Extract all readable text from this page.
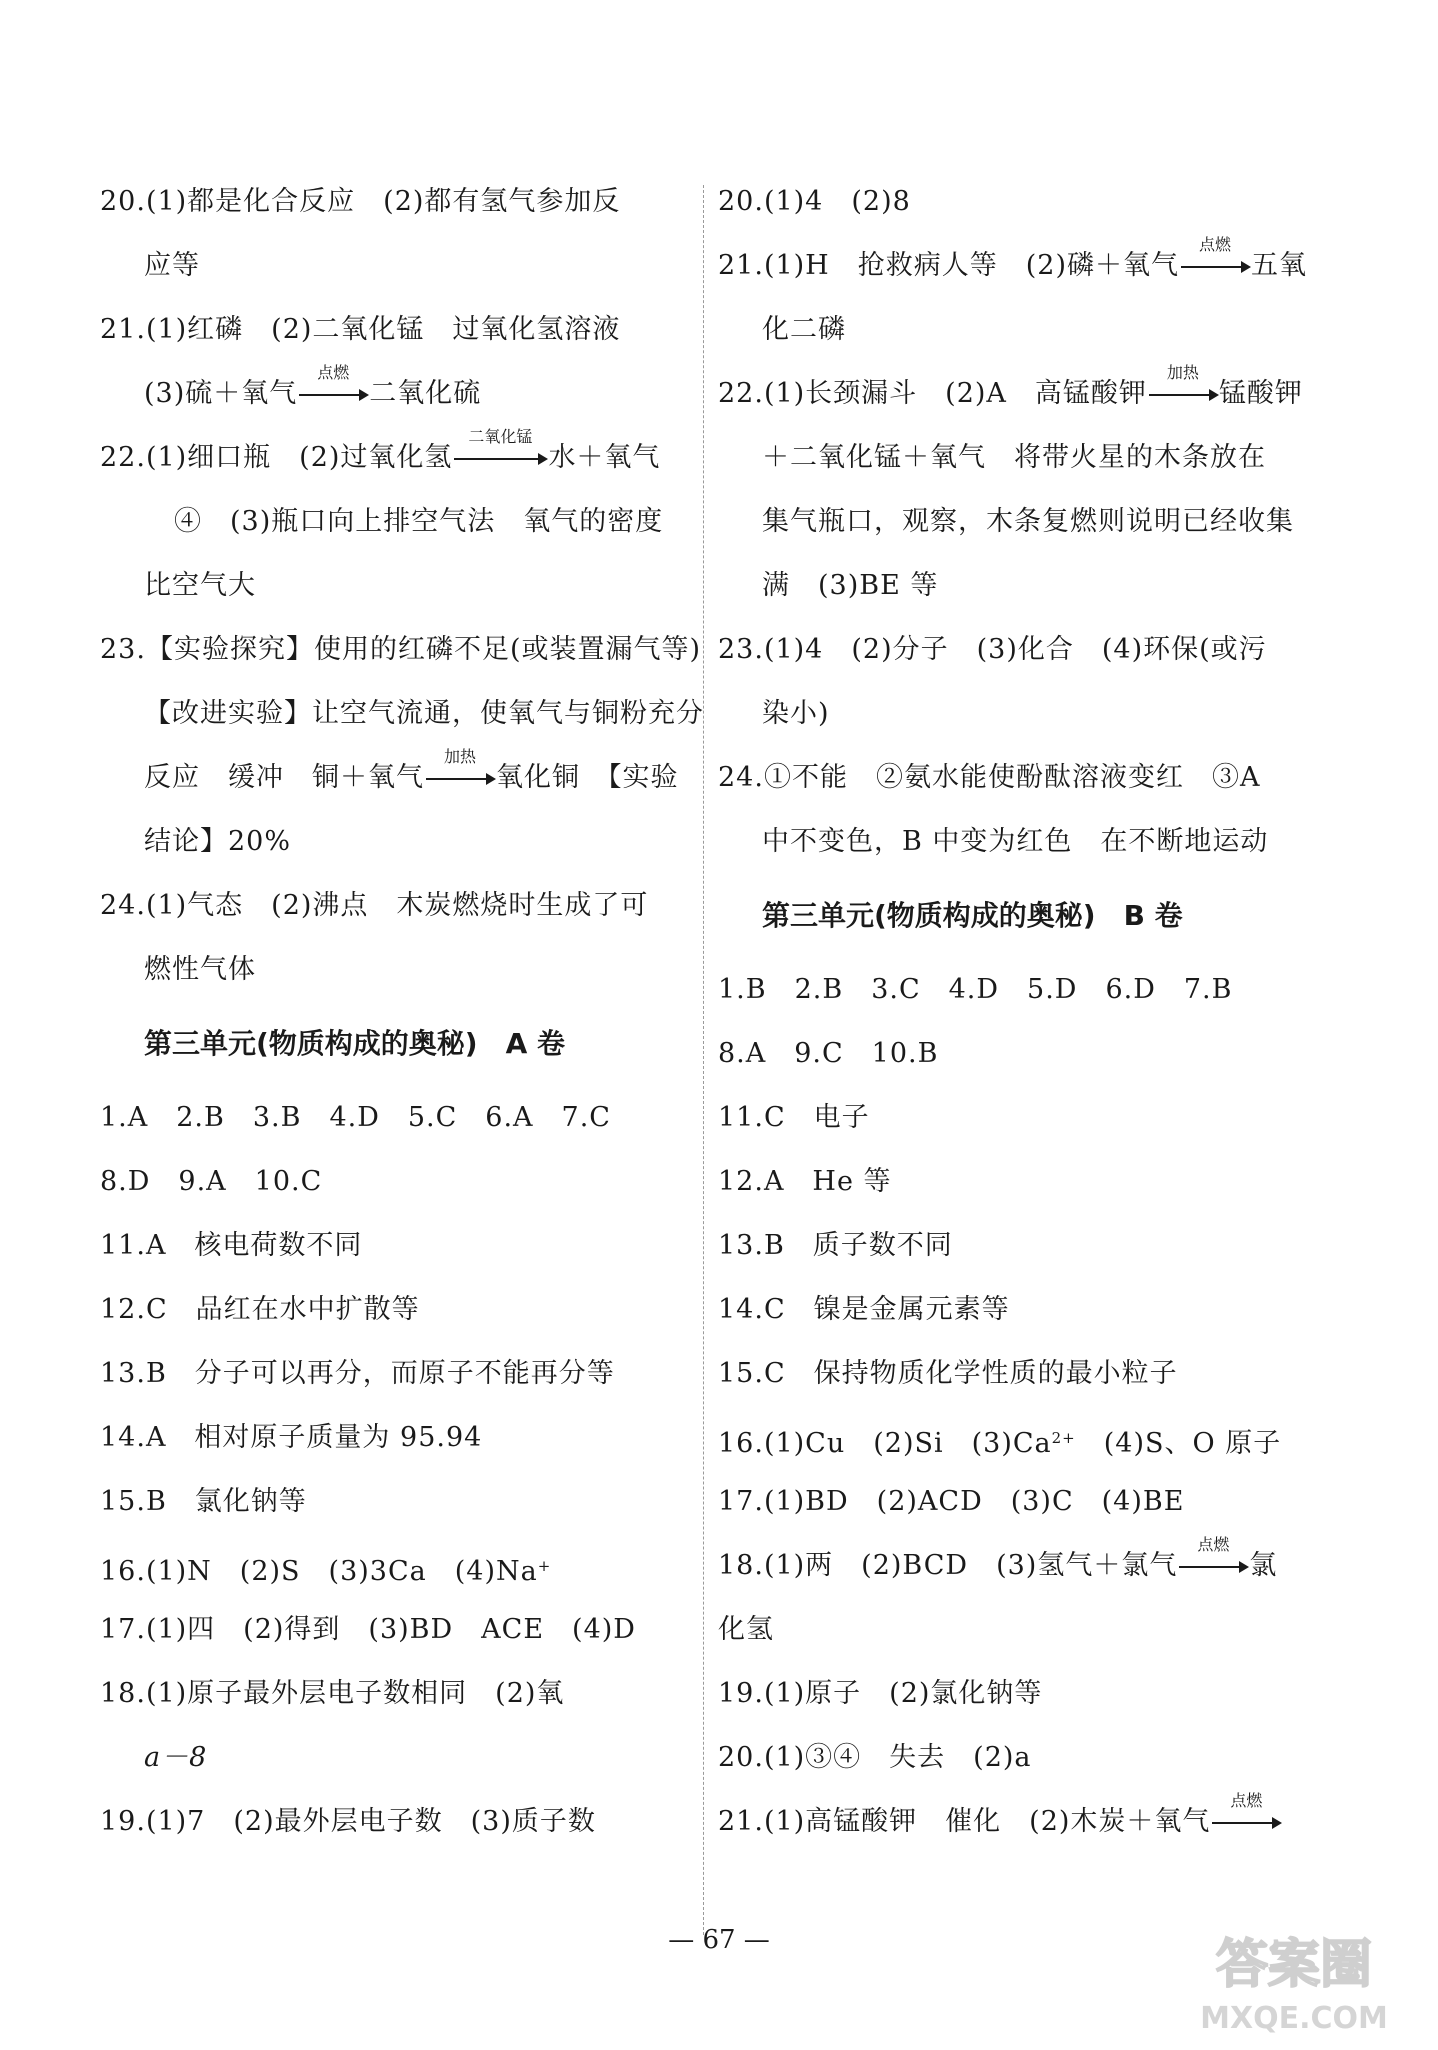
20.(1)都是化合反应　(2)都有氢气参加反
应等
21.(1)红磷　(2)二氧化锰　过氧化氢溶液
(3)硫＋氧气
点燃
二氧化硫
22.(1)细口瓶　(2)过氧化氢
二氧化锰
水＋氧气
④　(3)瓶口向上排空气法　氧气的密度
比空气大
23.【实验探究】使用的红磷不足(或装置漏气等)
【改进实验】让空气流通，使氧气与铜粉充分
反应　缓冲　铜＋氧气
加热
氧化铜　【实验
结论】20%
24.(1)气态　(2)沸点　木炭燃烧时生成了可
燃性气体
第三单元(物质构成的奥秘)　A 卷
1.A　2.B　3.B　4.D　5.C　6.A　7.C
8.D　9.A　10.C
11.A　核电荷数不同
12.C　品红在水中扩散等
13.B　分子可以再分，而原子不能再分等
14.A　相对原子质量为 95.94
15.B　氯化钠等
16.(1)N　(2)S　(3)3Ca　(4)Na+
17.(1)四　(2)得到　(3)BD　ACE　(4)D
18.(1)原子最外层电子数相同　(2)氧
a－8
19.(1)7　(2)最外层电子数　(3)质子数
20.(1)4　(2)8
21.(1)H　抢救病人等　(2)磷＋氧气
点燃
五氧
化二磷
22.(1)长颈漏斗　(2)A　高锰酸钾
加热
锰酸钾
＋二氧化锰＋氧气　将带火星的木条放在
集气瓶口，观察，木条复燃则说明已经收集
满　(3)BE 等
23.(1)4　(2)分子　(3)化合　(4)环保(或污
染小)
24.①不能　②氨水能使酚酞溶液变红　③A
中不变色，B 中变为红色　在不断地运动
第三单元(物质构成的奥秘)　B 卷
1.B　2.B　3.C　4.D　5.D　6.D　7.B
8.A　9.C　10.B
11.C　电子
12.A　He 等
13.B　质子数不同
14.C　镍是金属元素等
15.C　保持物质化学性质的最小粒子
16.(1)Cu　(2)Si　$(3)Ca^{2+}$　(4)S、O 原子
17.(1)BD　(2)ACD　(3)C　(4)BE
18.(1)两　(2)BCD　(3)氢气＋氯气
点燃
氯
化氢
19.(1)原子　(2)氯化钠等
20.(1)③④　失去　(2)a
21.(1)高锰酸钾　催化　(2)木炭＋氧气
点燃
— 67 —	答案圈
MXQE.COM
